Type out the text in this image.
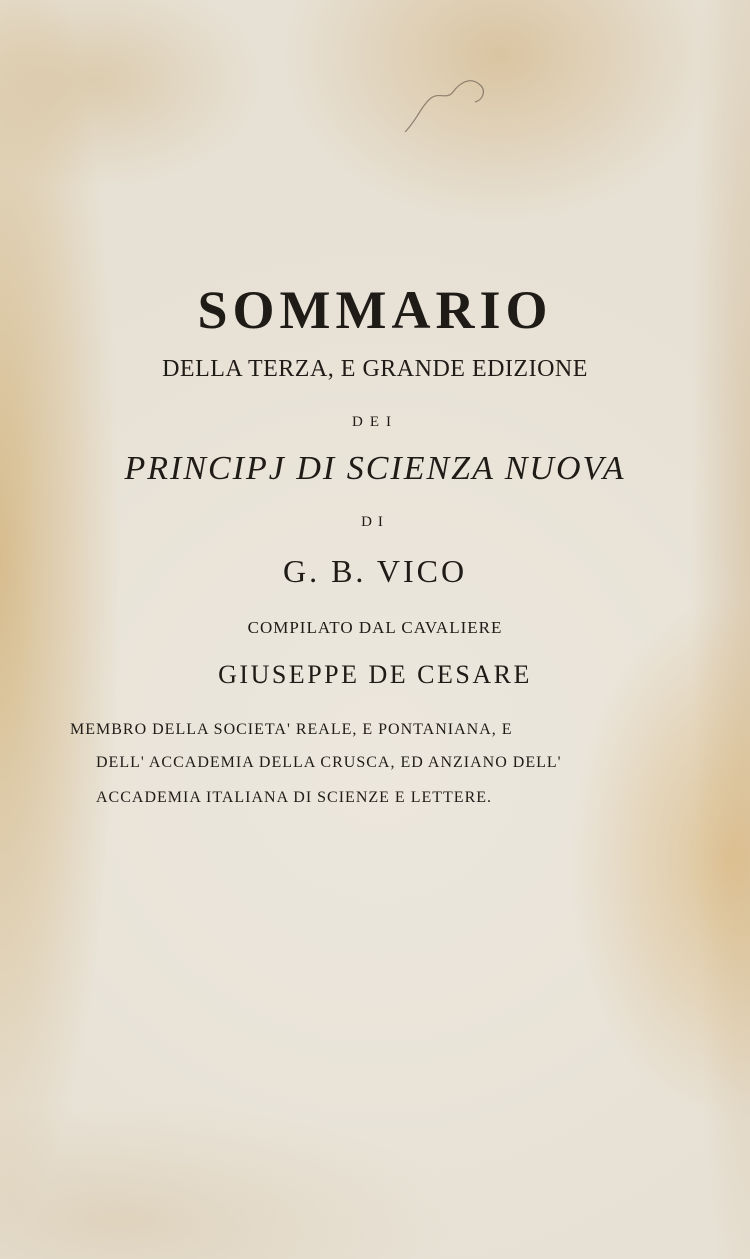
SOMMARIO
DELLA TERZA, E GRANDE EDIZIONE
DEI
PRINCIPJ DI SCIENZA NUOVA
DI
G. B. VICO
COMPILATO DAL CAVALIERE
GIUSEPPE DE CESARE
MEMBRO DELLA SOCIETA' REALE, E PONTANIANA, E
DELL' ACCADEMIA DELLA CRUSCA, ED ANZIANO DELL'
ACCADEMIA ITALIANA DI SCIENZE E LETTERE.
